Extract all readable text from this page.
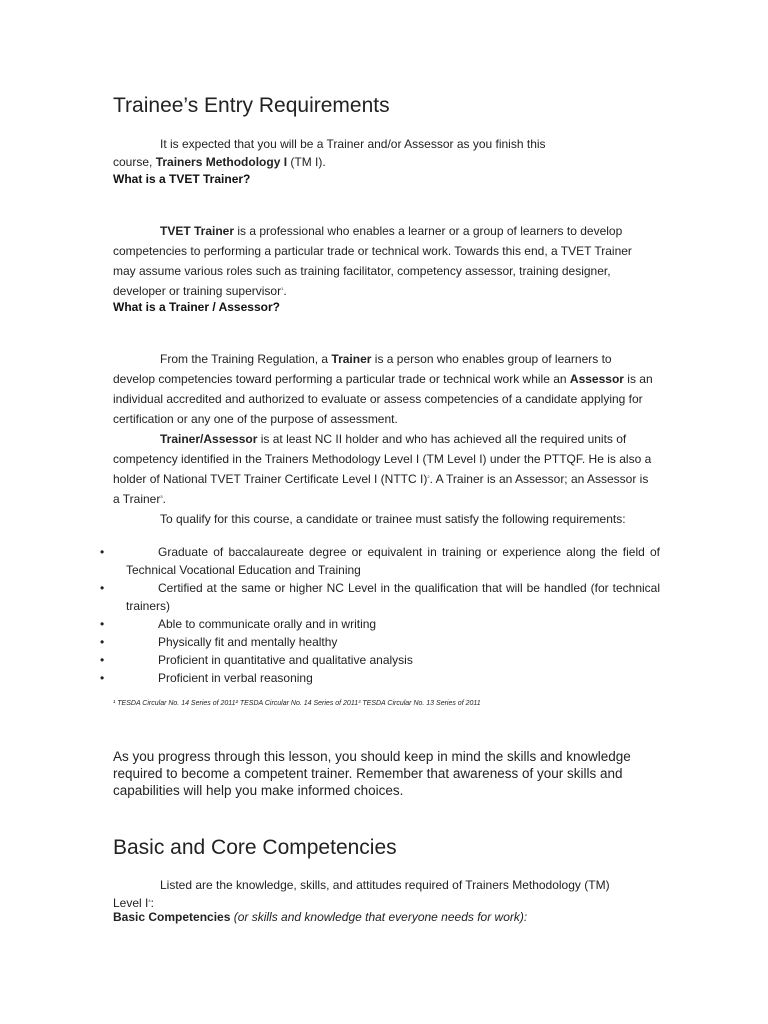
Trainee’s Entry Requirements
It is expected that you will be a Trainer and/or Assessor as you finish this
course, Trainers Methodology I (TM I).
What is a TVET Trainer?
TVET Trainer is a professional who enables a learner or a group of learners to develop competencies to performing a particular trade or technical work. Towards this end, a TVET Trainer may assume various roles such as training facilitator, competency assessor, training designer, developer or training supervisor$^1$.
What is a Trainer / Assessor?
From the Training Regulation, a Trainer is a person who enables group of learners to develop competencies toward performing a particular trade or technical work while an Assessor is an individual accredited and authorized to evaluate or assess competencies of a candidate applying for certification or any one of the purpose of assessment.
Trainer/Assessor is at least NC II holder and who has achieved all the required units of competency identified in the Trainers Methodology Level I (TM Level I) under the PTTQF. He is also a holder of National TVET Trainer Certificate Level I (NTTC I)$^2$. A Trainer is an Assessor; an Assessor is a Trainer$^3$.
To qualify for this course, a candidate or trainee must satisfy the following requirements:
•	Graduate of baccalaureate degree or equivalent in training or experience along the field of Technical Vocational Education and Training
•	Certified at the same or higher NC Level in the qualification that will be handled (for technical trainers)
•	Able to communicate orally and in writing
•	Physically fit and mentally healthy
•	Proficient in quantitative and qualitative analysis
•	Proficient in verbal reasoning
¹ TESDA Circular No. 14 Series of 2011² TESDA Circular No. 14 Series of 2011³ TESDA Circular No. 13 Series of 2011
As you progress through this lesson, you should keep in mind the skills and knowledge required to become a competent trainer. Remember that awareness of your skills and capabilities will help you make informed choices.
Basic and Core Competencies
Listed are the knowledge, skills, and attitudes required of Trainers Methodology (TM)
Level I$^4$:
Basic Competencies (or skills and knowledge that everyone needs for work):
